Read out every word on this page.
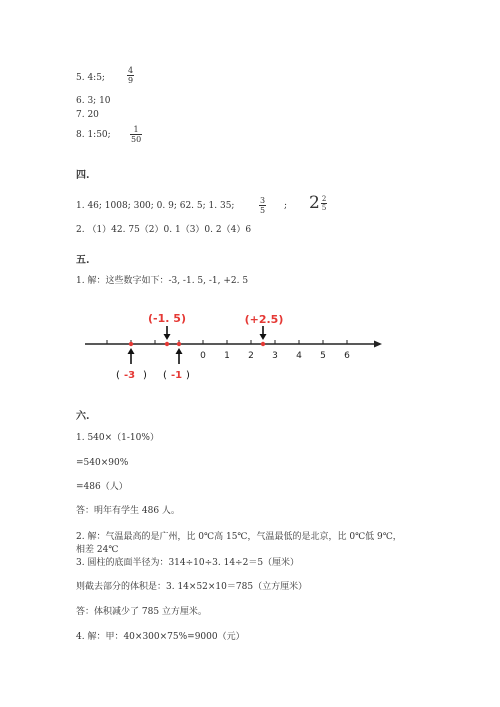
5. 4:5;
4
9
6. 3; 10
7. 20
8. 1:50;
1
50
四.
1. 46; 1008; 300; 0. 9; 62. 5; 1. 35;
3
5 ; $2 \frac{2}{5}$
2. （1）42. 75（2）0. 1（3）0. 2（4）6
五.
1. 解：这些数字如下：-3, -1. 5, -1, +2. 5
0 1 2 3 4 5 6
(-1. 5)	(+2.5)
( -3 ) ( -1 )
六.
1. 540×（1-10%）
=540×90%
=486（人）
答：明年有学生 486 人。
2. 解：气温最高的是广州，比 0℃高 15℃，气温最低的是北京，比 0℃低 9℃，
相差 24℃
3. 圆柱的底面半径为：314÷10÷3. 14÷2＝5（厘米）
则截去部分的体积是：3. 14×52×10＝785（立方厘米）
答：体积减少了 785 立方厘米。
4. 解：甲：40×300×75%=9000（元）
